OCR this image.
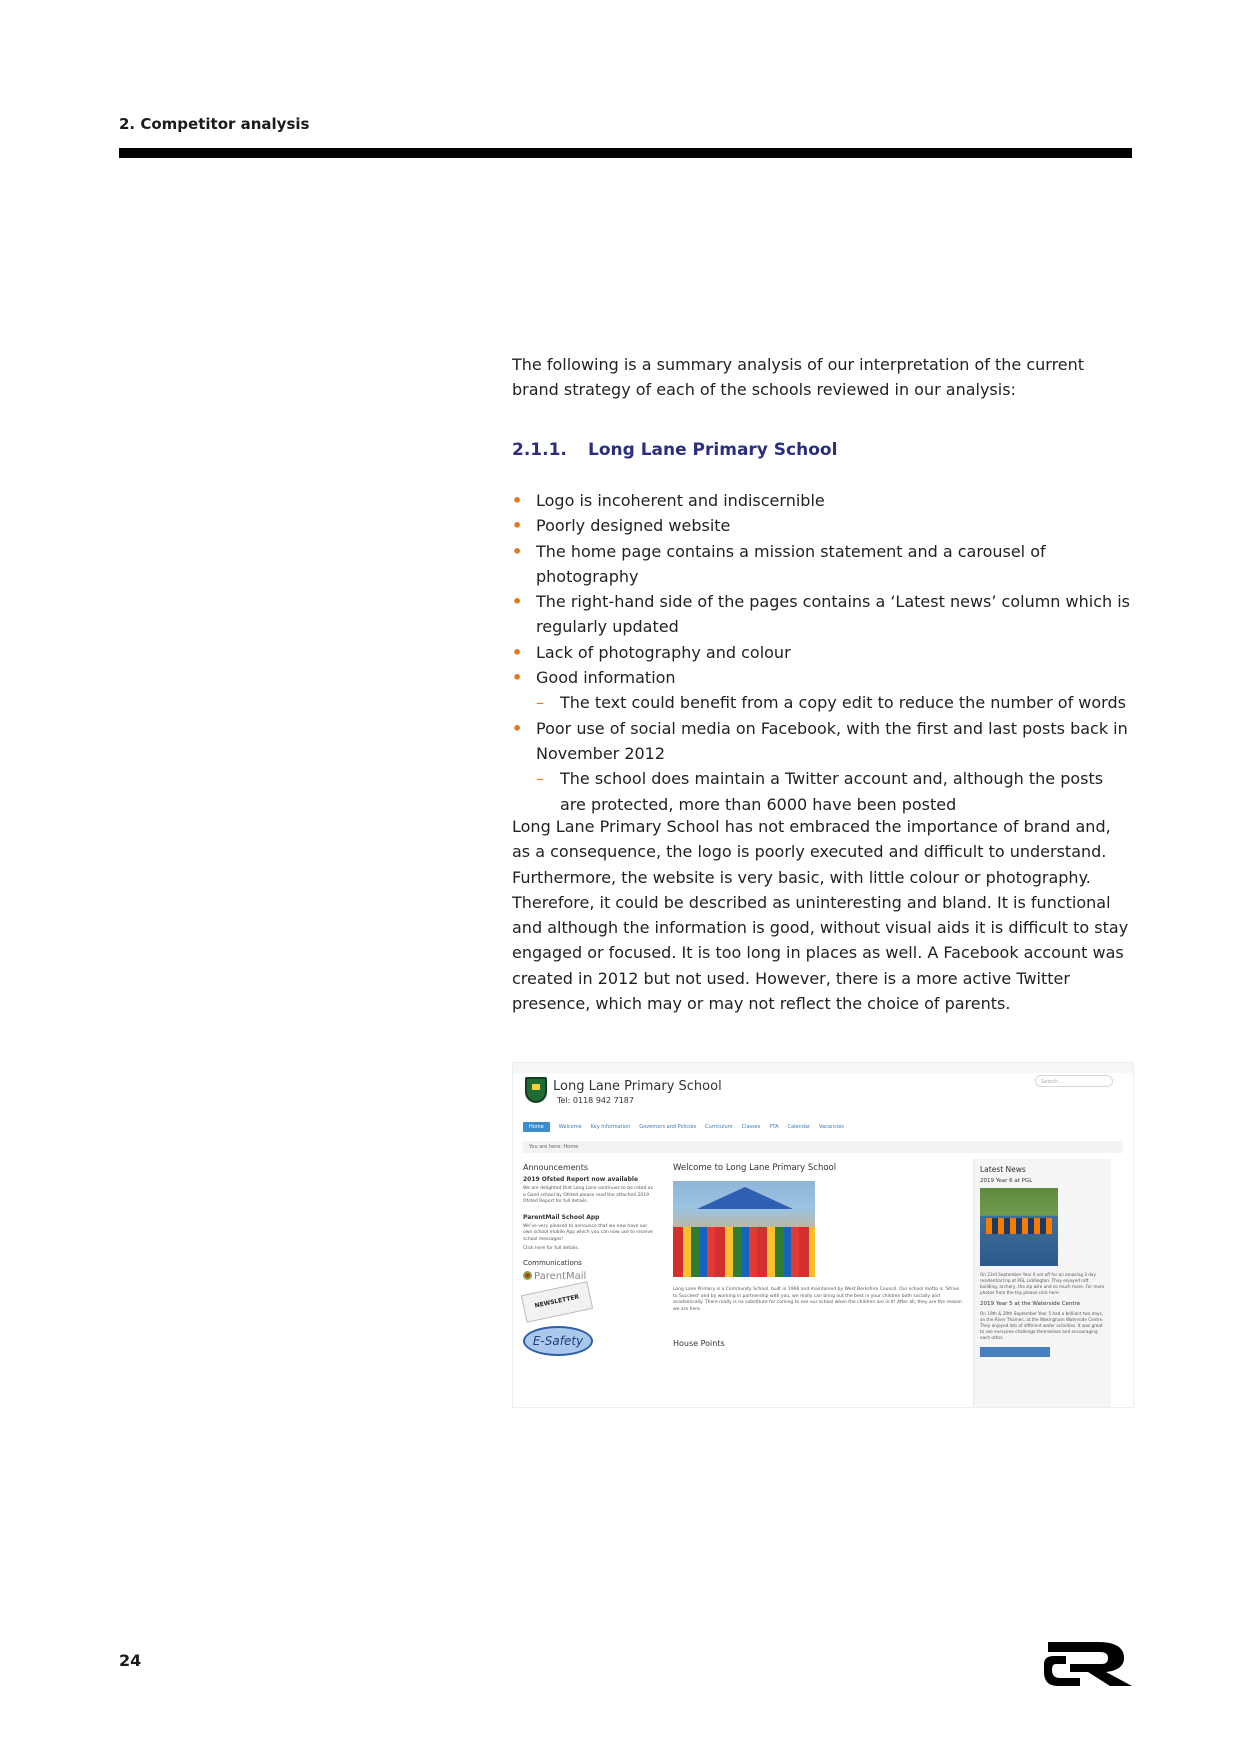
2. Competitor analysis
The following is a summary analysis of our interpretation of the current brand strategy of each of the schools reviewed in our analysis:
2.1.1. Long Lane Primary School
• Logo is incoherent and indiscernible
• Poorly designed website
• The home page contains a mission statement and a carousel of photography
• The right-hand side of the pages contains a ‘Latest news’ column which is regularly updated
• Lack of photography and colour
• Good information
– The text could benefit from a copy edit to reduce the number of words
• Poor use of social media on Facebook, with the first and last posts back in November 2012
– The school does maintain a Twitter account and, although the posts are protected, more than 6000 have been posted
Long Lane Primary School has not embraced the importance of brand and, as a consequence, the logo is poorly executed and difficult to understand. Furthermore, the website is very basic, with little colour or photography. Therefore, it could be described as uninteresting and bland. It is functional and although the information is good, without visual aids it is difficult to stay engaged or focused. It is too long in places as well. A Facebook account was created in 2012 but not used. However, there is a more active Twitter presence, which may or may not reflect the choice of parents.
Long Lane Primary School
Tel: 0118 942 7187
Search ...
Home	Welcome Key Information Governors and Policies Curriculum Classes PTA Calendar Vacancies
You are here: Home
Announcements
2019 Ofsted Report now available
We are delighted that Long Lane continues to be rated as a Good school by Ofsted please read the attached 2019 Ofsted Report for full details.
ParentMail School App
We’ve very pleased to announce that we now have our own school mobile App which you can now use to receive school messages!
Click here for full details.
Communications
ParentMail
NEWSLETTER
E-Safety
Welcome to Long Lane Primary School
Long Lane Primary is a Community School, built in 1966 and maintained by West Berkshire Council. Our school motto is ‘Strive to Succeed’ and by working in partnership with you, we really can bring out the best in your children both socially and academically. There really is no substitute for coming to see our school when the children are in it! After all, they are the reason we are here.
House Points
Latest News
2019 Year 6 at PGL
On 23rd September Year 6 set off for an amazing 3 day residential trip at PGL Liddington. They enjoyed raft building, archery, the zip wire and so much more. For more photos from the trip please click here.
2019 Year 5 at the Waterside Centre
On 19th & 20th September Year 5 had a brilliant two days, on the River Thames, at the Wokingham Waterside Centre. They enjoyed lots of different water activities. It was great to see everyone challenge themselves and encouraging each other.
24
